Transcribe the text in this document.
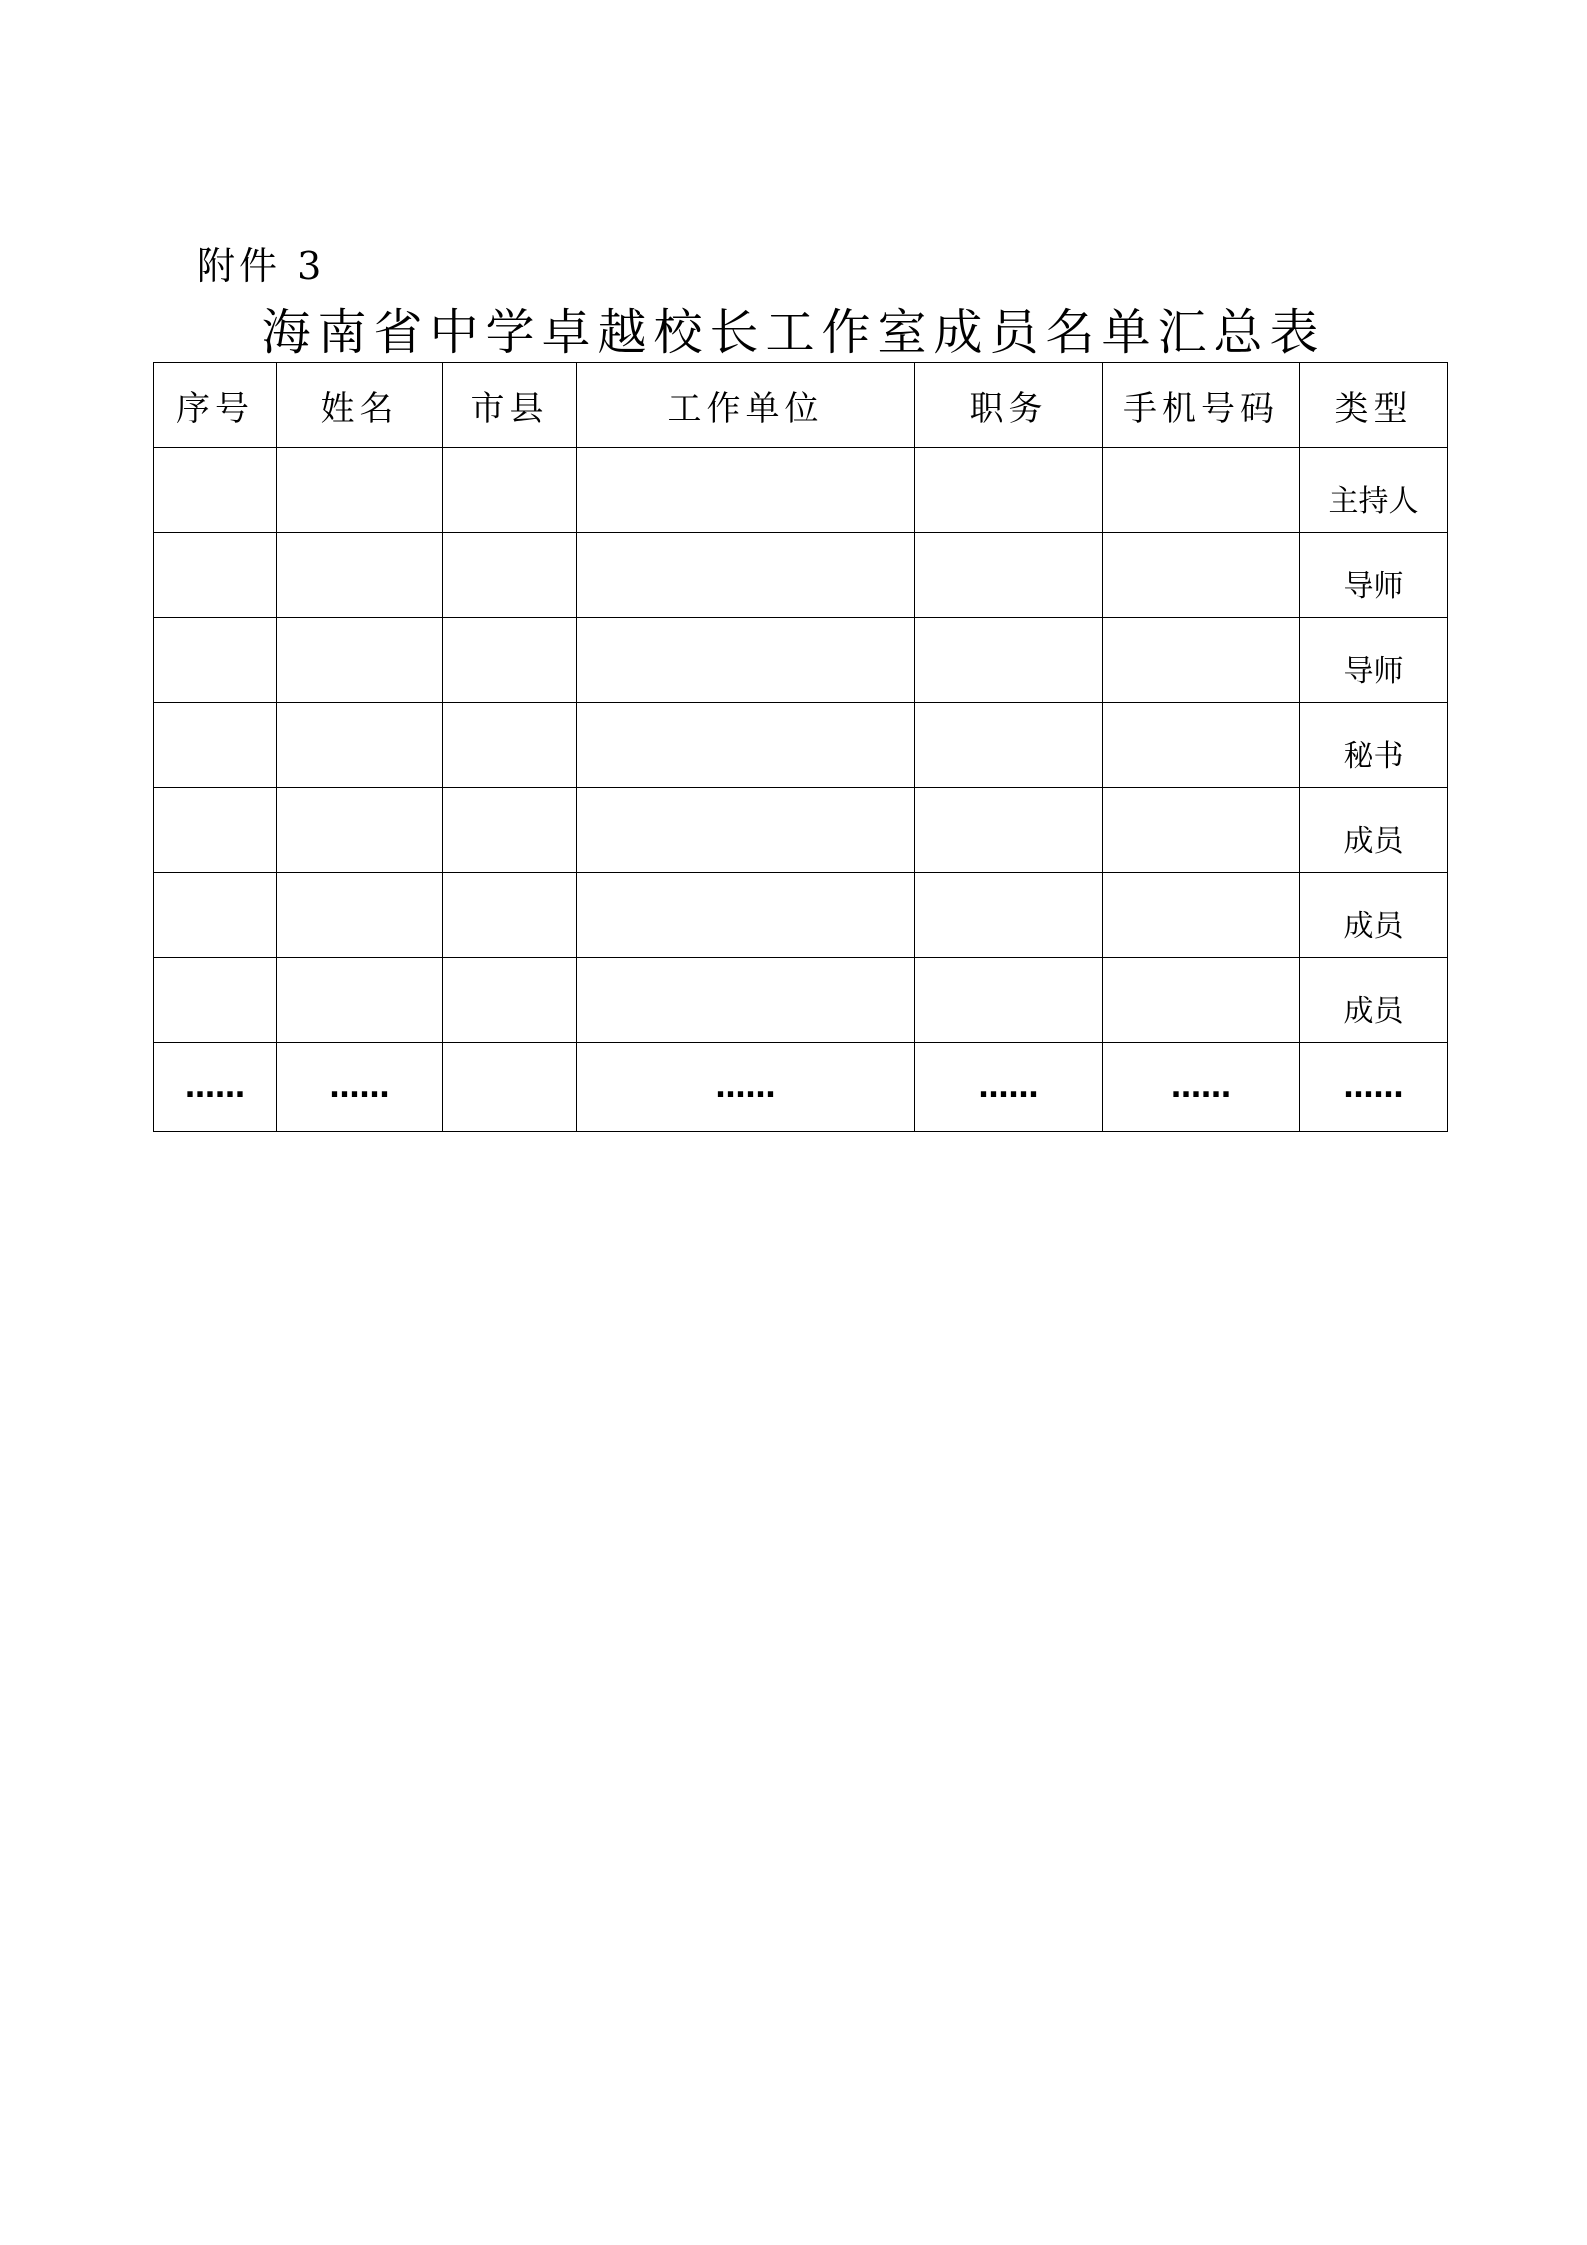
附件 3
海南省中学卓越校长工作室成员名单汇总表
序号	姓名	市县	工作单位	职务	手机号码	类型
						主持人
						导师
						导师
						秘书
						成员
						成员
						成员
……	……		……	……	……	……
